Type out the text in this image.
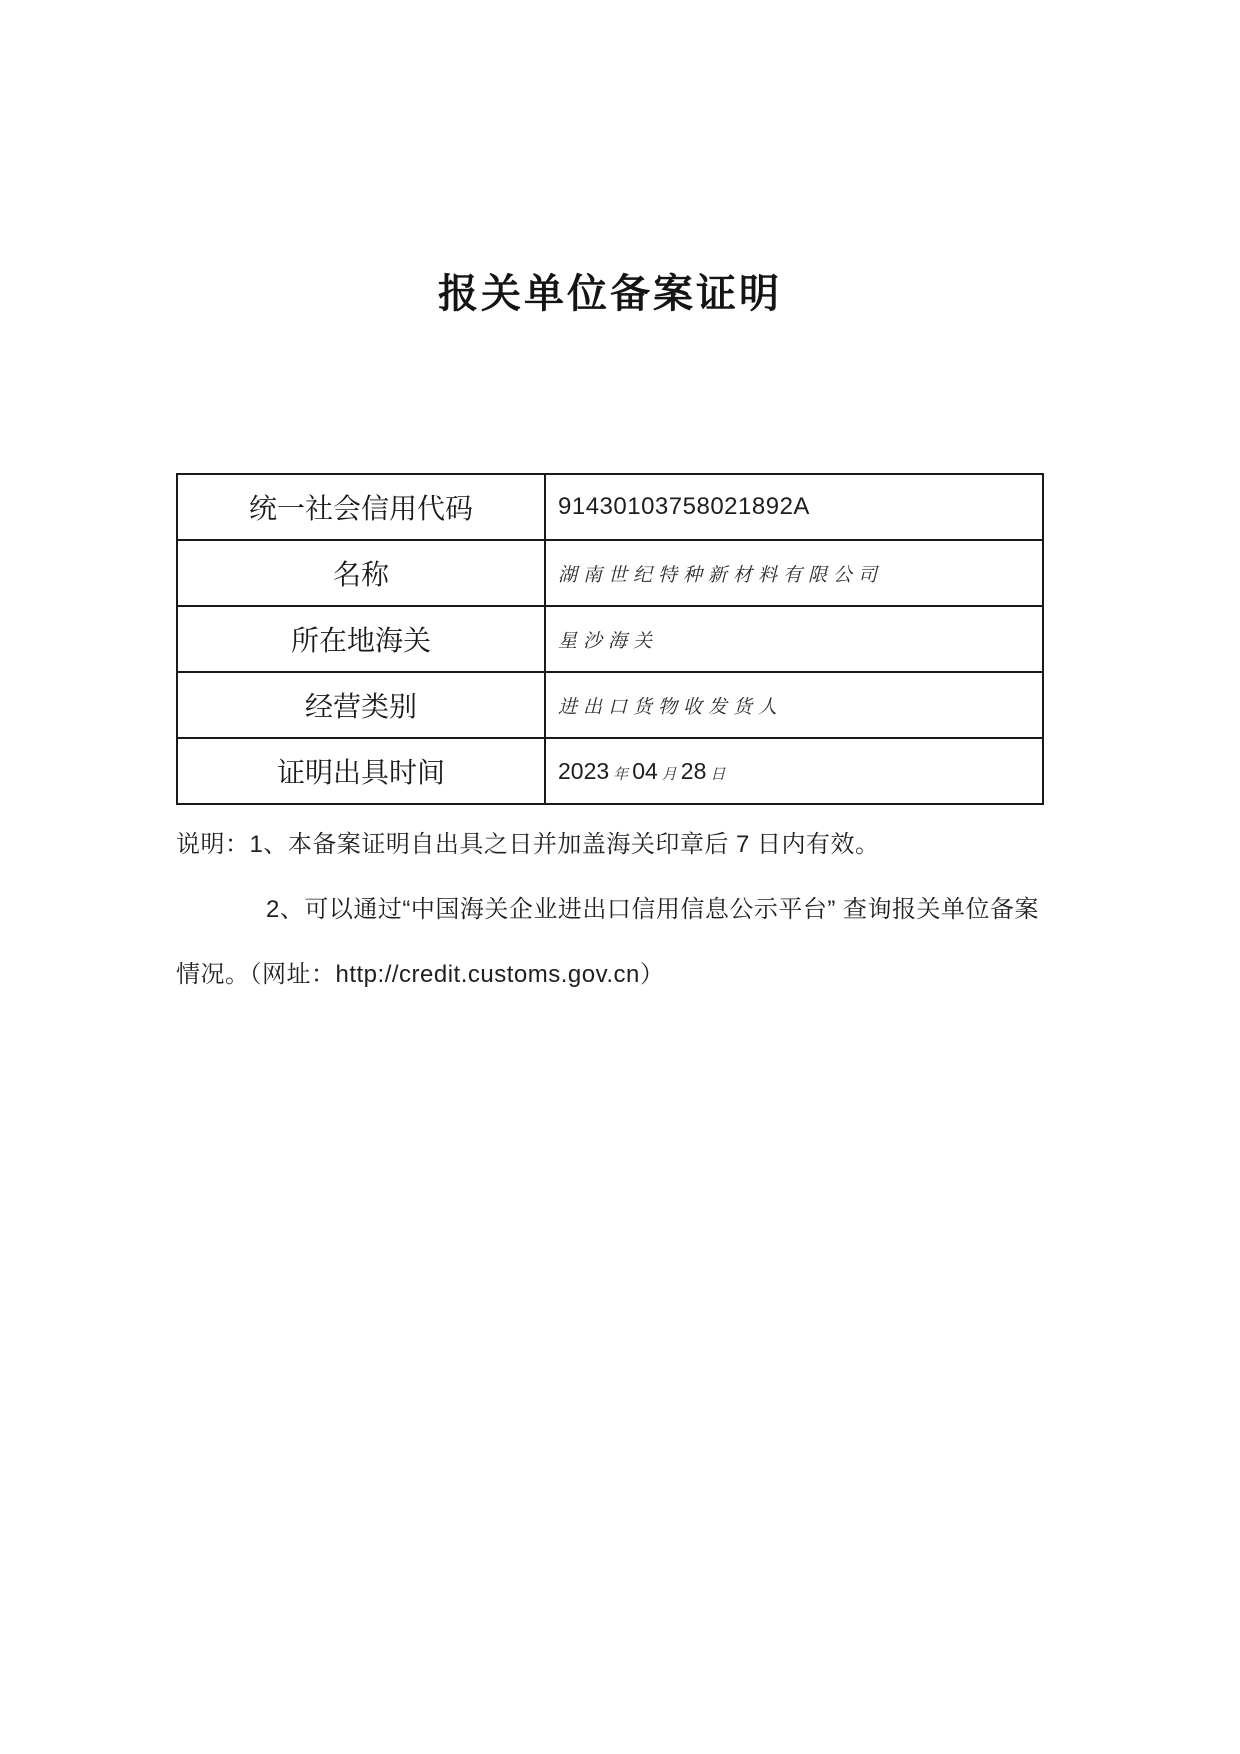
报关单位备案证明
统一社会信用代码	91430103758021892A
名称	湖南世纪特种新材料有限公司
所在地海关	星沙海关
经营类别	进出口货物收发货人
证明出具时间	2023 年 04 月 28 日
说明：1、本备案证明自出具之日并加盖海关印章后 7 日内有效。
2、可以通过“中国海关企业进出口信用信息公示平台” 查询报关单位备案
情况。（网址：http://credit.customs.gov.cn）
